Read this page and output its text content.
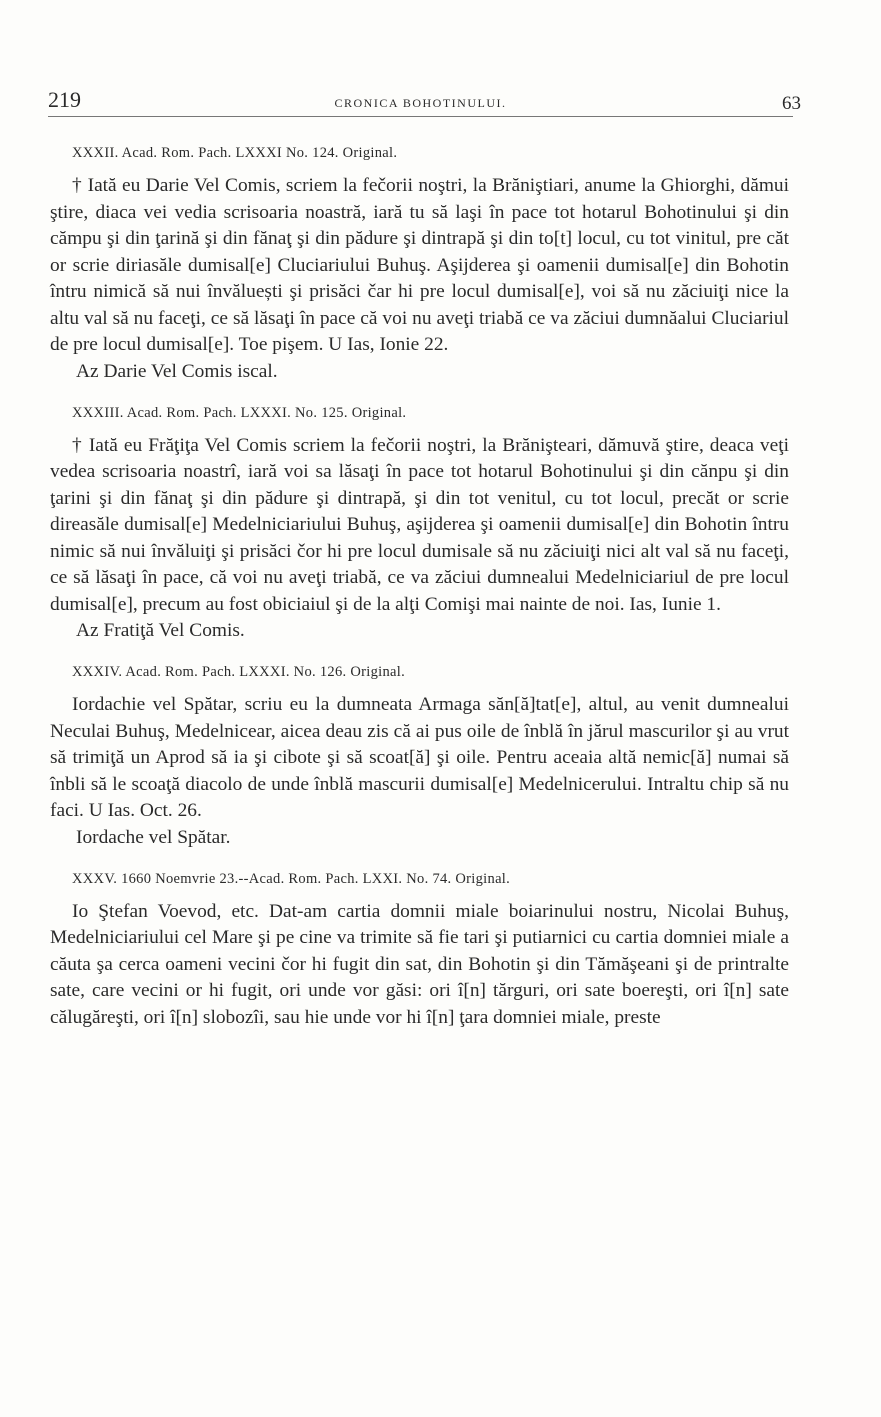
219	CRONICA BOHOTINULUI.	63

XXXII. Acad. Rom. Pach. LXXXI No. 124. Original.

† Iată eu Darie Vel Comis, scriem la fečorii noştri, la Brăniştiari, anume la Ghiorghi, dămui ştire, diaca vei vedia scrisoaria noastră, iară tu să laşi în pace tot hotarul Bohotinului şi din cămpu şi din ţarină şi din fănaţ şi din pădure şi dintrapă şi din to[t] locul, cu tot vinitul, pre căt or scrie diriasăle dumisal[e] Cluciariului Buhuş. Aşijderea şi oamenii dumisal[e] din Bohotin întru nimică să nui învăluești şi prisăci čar hi pre locul dumisal[e], voi să nu zăciuiţi nice la altu val să nu faceţi, ce să lăsaţi în pace că voi nu aveţi triabă ce va zăciui dumnăalui Cluciariul de pre locul dumisal[e]. Toe pişem. U Ias, Ionie 22.

Az Darie Vel Comis iscal.

XXXIII. Acad. Rom. Pach. LXXXI. No. 125. Original.

† Iată eu Frăţiţa Vel Comis scriem la fečorii noştri, la Brănişteari, dămuvă ştire, deaca veţi vedea scrisoaria noastrî, iară voi sa lăsaţi în pace tot hotarul Bohotinului şi din cănpu şi din ţarini şi din fănaţ şi din pădure şi dintrapă, şi din tot venitul, cu tot locul, precăt or scrie direasăle dumisal[e] Medelniciariului Buhuş, aşijderea şi oamenii dumisal[e] din Bohotin întru nimic să nui învăluiţi şi prisăci čor hi pre locul dumisale să nu zăciuiţi nici alt val să nu faceţi, ce să lăsaţi în pace, că voi nu aveţi triabă, ce va zăciui dumnealui Medelniciariul de pre locul dumisal[e], precum au fost obiciaiul şi de la alţi Comişi mai nainte de noi. Ias, Iunie 1.

Az Fratiţă Vel Comis.

XXXIV. Acad. Rom. Pach. LXXXI. No. 126. Original.

Iordachie vel Spătar, scriu eu la dumneata Armaga săn[ă]tat[e], altul, au venit dumnealui Neculai Buhuş, Medelnicear, aicea deau zis că ai pus oile de înblă în jărul mascurilor şi au vrut să trimiţă un Aprod să ia şi cibote şi să scoat[ă] şi oile. Pentru aceaia altă nemic[ă] numai să înbli să le scoaţă diacolo de unde înblă mascurii dumisal[e] Medelnicerului. Intraltu chip să nu faci. U Ias. Oct. 26.

Iordache vel Spătar.

XXXV. 1660 Noemvrie 23.--Acad. Rom. Pach. LXXI. No. 74. Original.

Io Ştefan Voevod, etc. Dat-am cartia domnii miale boiarinului nostru, Nicolai Buhuş, Medelniciariului cel Mare şi pe cine va trimite să fie tari şi putiarnici cu cartia domniei miale a căuta şa cerca oameni vecini čor hi fugit din sat, din Bohotin şi din Tămăşeani şi de printralte sate, care vecini or hi fugit, ori unde vor găsi: ori î[n] tărguri, ori sate boereşti, ori î[n] sate călugăreşti, ori î[n] slobozîi, sau hie unde vor hi î[n] ţara domniei miale, preste
